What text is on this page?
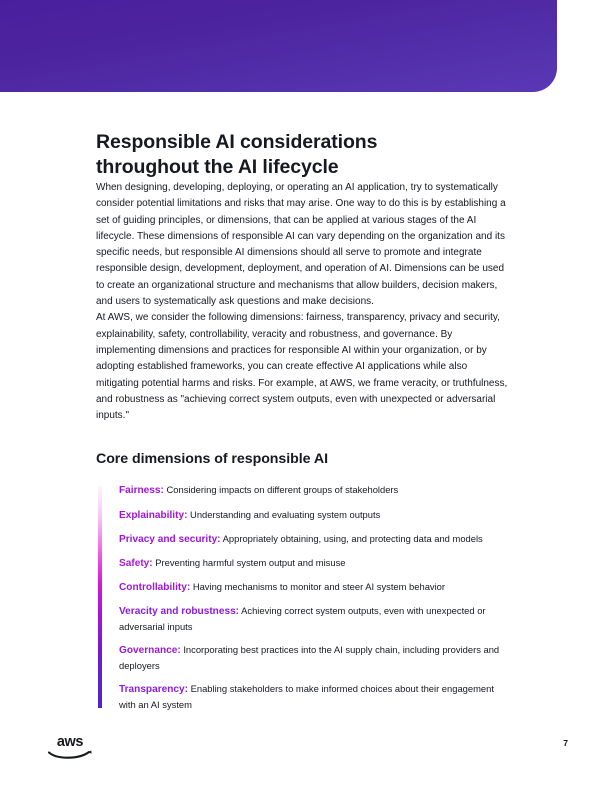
Responsible AI considerations
throughout the AI lifecycle

When designing, developing, deploying, or operating an AI application, try to systematically consider potential limitations and risks that may arise. One way to do this is by establishing a set of guiding principles, or dimensions, that can be applied at various stages of the AI lifecycle. These dimensions of responsible AI can vary depending on the organization and its specific needs, but responsible AI dimensions should all serve to promote and integrate responsible design, development, deployment, and operation of AI. Dimensions can be used to create an organizational structure and mechanisms that allow builders, decision makers, and users to systematically ask questions and make decisions.

At AWS, we consider the following dimensions: fairness, transparency, privacy and security, explainability, safety, controllability, veracity and robustness, and governance. By implementing dimensions and practices for responsible AI within your organization, or by adopting established frameworks, you can create effective AI applications while also mitigating potential harms and risks. For example, at AWS, we frame veracity, or truthfulness, and robustness as "achieving correct system outputs, even with unexpected or adversarial inputs."

Core dimensions of responsible AI
Fairness: Considering impacts on different groups of stakeholders
Explainability: Understanding and evaluating system outputs
Privacy and security: Appropriately obtaining, using, and protecting data and models
Safety: Preventing harmful system output and misuse
Controllability: Having mechanisms to monitor and steer AI system behavior
Veracity and robustness: Achieving correct system outputs, even with unexpected or adversarial inputs
Governance: Incorporating best practices into the AI supply chain, including providers and deployers
Transparency: Enabling stakeholders to make informed choices about their engagement with an AI system
aws	7
